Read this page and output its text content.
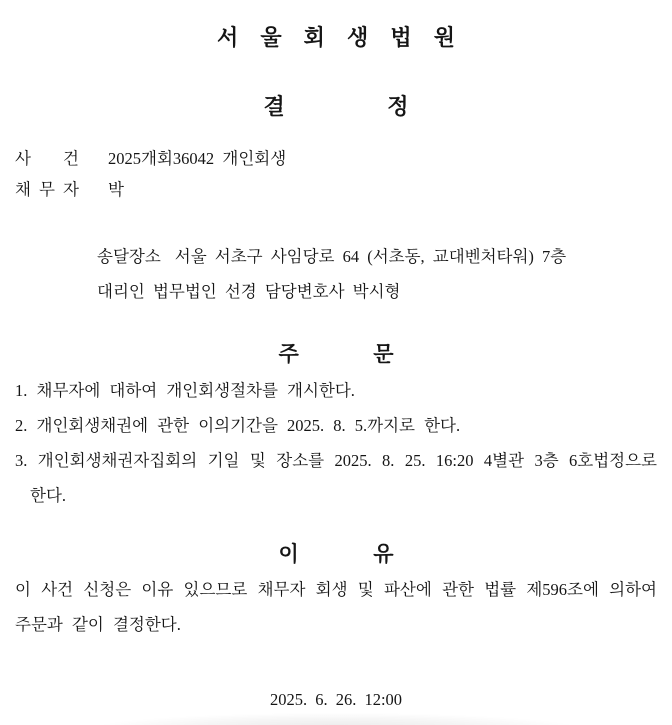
서 울 회 생 법 원
결	정
사 건 2025개회36042  개인회생
채 무 자 박
송달장소 서울 서초구 사임당로 64 (서초동, 교대벤처타워) 7층
대리인 법무법인 선경 담당변호사 박시형
주	문
1. 채무자에 대하여 개인회생절차를 개시한다.
2. 개인회생채권에 관한 이의기간을 2025. 8. 5.까지로 한다.
3. 개인회생채권자집회의 기일 및 장소를 2025. 8. 25. 16:20 4별관 3층 6호법정으로 한다.
이	유
이 사건 신청은 이유 있으므로 채무자 회생 및 파산에 관한 법률 제596조에 의하여 주문과 같이 결정한다.
2025. 6. 26. 12:00
